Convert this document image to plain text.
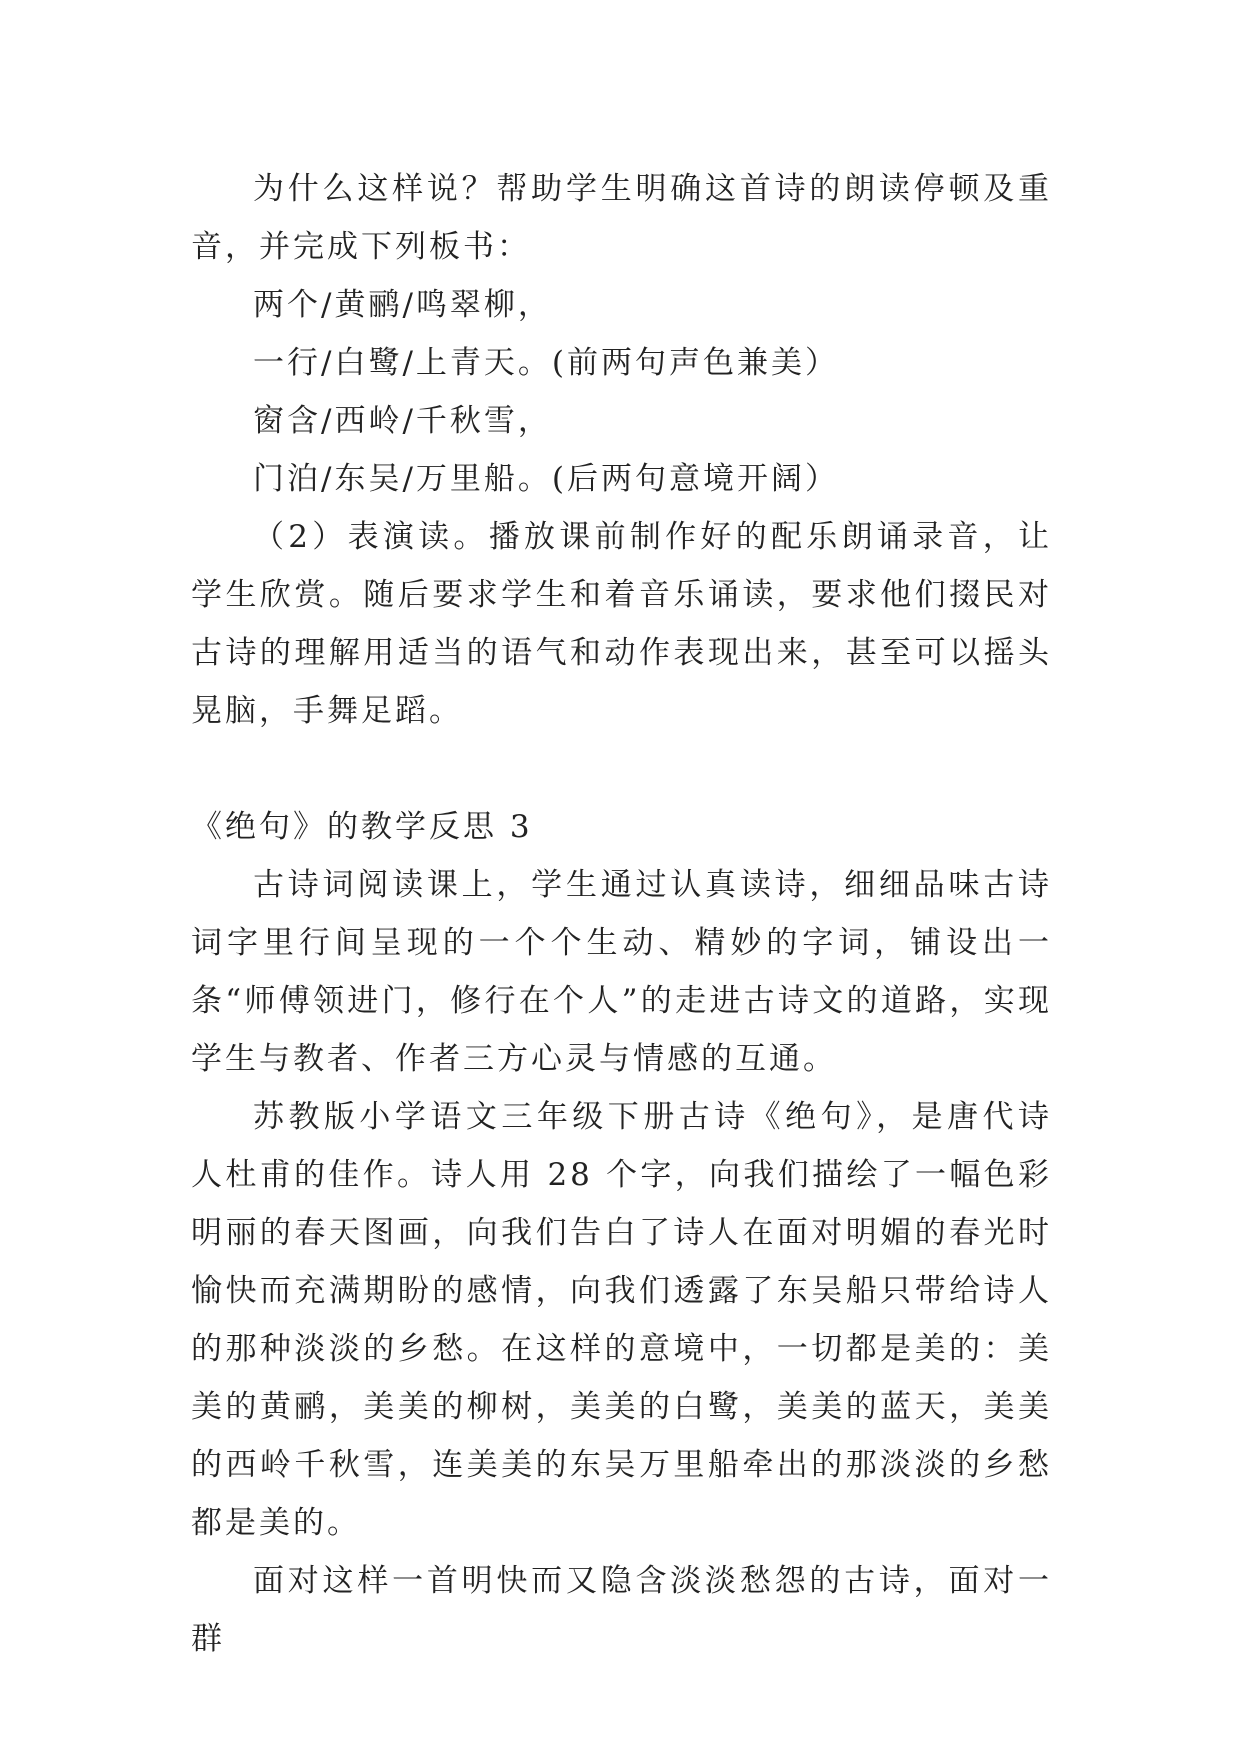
为什么这样说？帮助学生明确这首诗的朗读停顿及重音，并完成下列板书：

两个/黄鹂/鸣翠柳，

一行/白鹭/上青天。(前两句声色兼美）

窗含/西岭/千秋雪，

门泊/东吴/万里船。(后两句意境开阔）

（2）表演读。播放课前制作好的配乐朗诵录音，让学生欣赏。随后要求学生和着音乐诵读，要求他们掇民对古诗的理解用适当的语气和动作表现出来，甚至可以摇头晃脑，手舞足蹈。

《绝句》的教学反思 3

古诗词阅读课上，学生通过认真读诗，细细品味古诗词字里行间呈现的一个个生动、精妙的字词，铺设出一条“师傅领进门，修行在个人”的走进古诗文的道路，实现学生与教者、作者三方心灵与情感的互通。

苏教版小学语文三年级下册古诗《绝句》，是唐代诗人杜甫的佳作。诗人用 28 个字，向我们描绘了一幅色彩明丽的春天图画，向我们告白了诗人在面对明媚的春光时愉快而充满期盼的感情，向我们透露了东吴船只带给诗人的那种淡淡的乡愁。在这样的意境中，一切都是美的：美美的黄鹂，美美的柳树，美美的白鹭，美美的蓝天，美美的西岭千秋雪，连美美的东吴万里船牵出的那淡淡的乡愁都是美的。

面对这样一首明快而又隐含淡淡愁怨的古诗，面对一群
